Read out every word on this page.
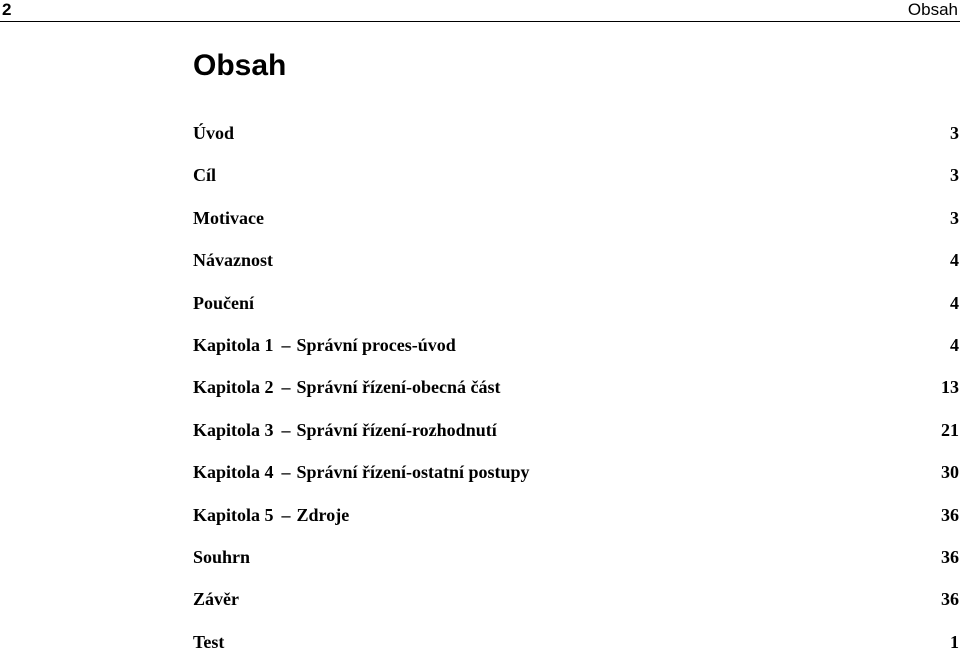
2	Obsah
Obsah
Úvod	3
Cíl	3
Motivace	3
Návaznost	4
Poučení	4
Kapitola 1 – Správní proces-úvod	4
Kapitola 2 – Správní řízení-obecná část	13
Kapitola 3 – Správní řízení-rozhodnutí	21
Kapitola 4 – Správní řízení-ostatní postupy	30
Kapitola 5 – Zdroje	36
Souhrn	36
Závěr	36
Test	1
